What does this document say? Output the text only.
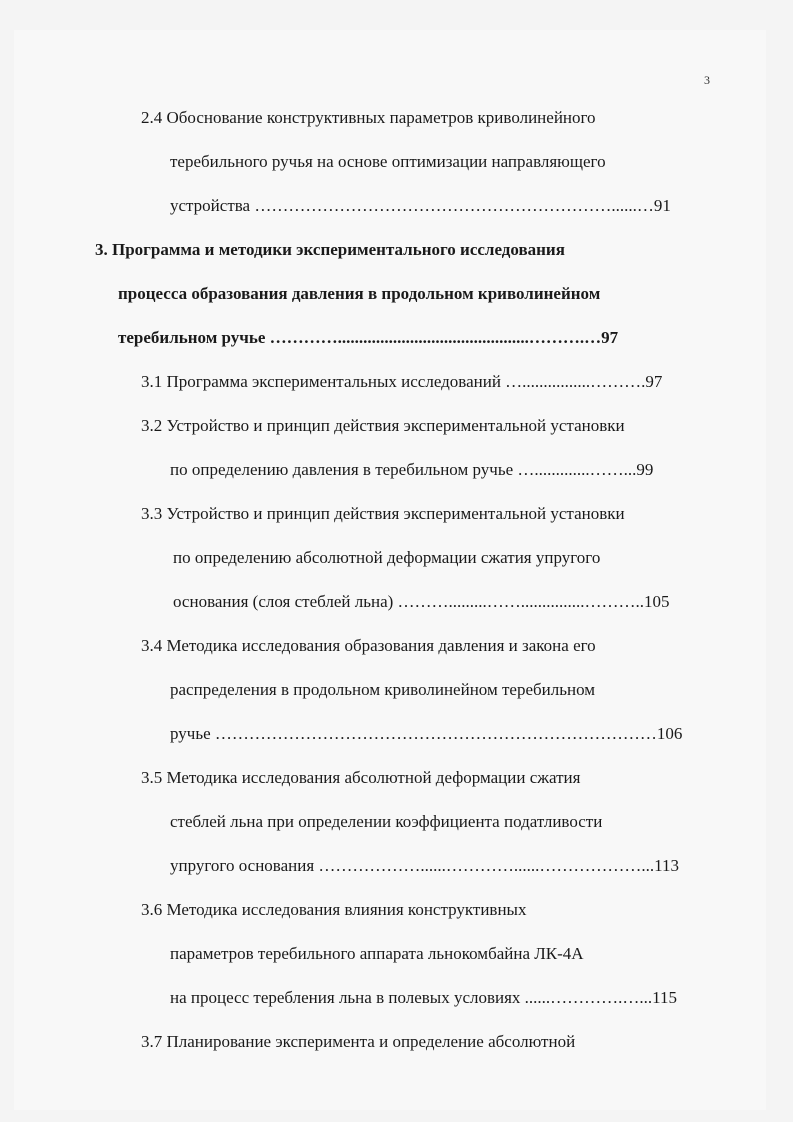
3
2.4 Обоснование конструктивных параметров криволинейного
теребильного ручья на основе оптимизации направляющего
устройства ………………………………………………………......…91
3. Программа и методики экспериментального исследования
процесса образования давления в продольном криволинейном
теребильном ручье ………….............................................……….…97
3.1 Программа экспериментальных исследований …................……….97
3.2 Устройство и принцип действия экспериментальной установки
по определению давления в теребильном ручье ….............……...99
3.3 Устройство и принцип действия экспериментальной установки
по определению абсолютной деформации сжатия упругого
основания (слоя стеблей льна) ……….........……...............………..105
3.4 Методика исследования образования давления и закона его
распределения в продольном криволинейном теребильном
ручье ……………………………………………………………………106
3.5 Методика исследования абсолютной деформации сжатия
стеблей льна при определении коэффициента податливости
упругого основания ………………......…………......………………...113
3.6 Методика исследования влияния конструктивных
параметров теребильного аппарата льнокомбайна ЛК-4А
на процесс теребления льна в полевых условиях ......………….…...115
3.7 Планирование эксперимента и определение абсолютной
